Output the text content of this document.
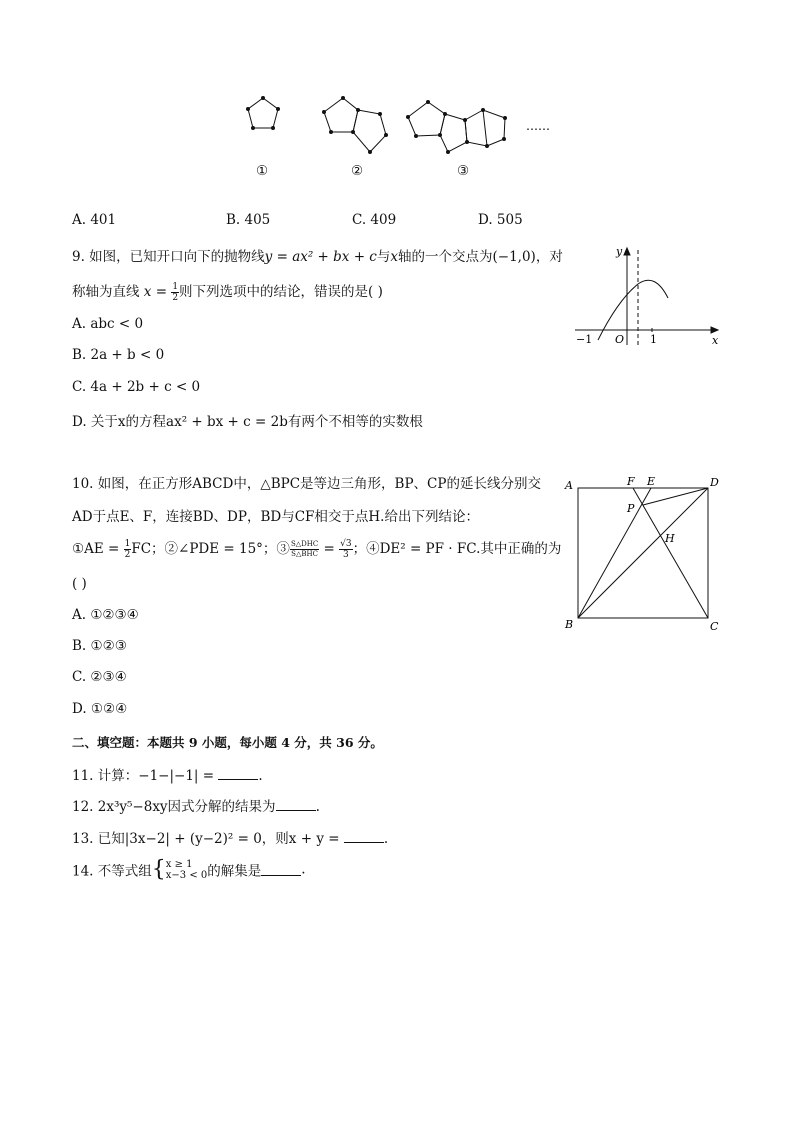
……
①	②	③
A. 401	B. 405	C. 409	D. 505
9. 如图，已知开口向下的抛物线y = ax² + bx + c与x轴的一个交点为(−1,0)，对
称轴为直线 $x = \frac{1}{2}$ 则下列选项中的结论，错误的是( )
A. abc < 0
B. 2a + b < 0
C. 4a + 2b + c < 0
D. 关于x的方程ax² + bx + c = 2b有两个不相等的实数根
y
x
O
−1	1
10. 如图，在正方形ABCD中，△BPC是等边三角形，BP、CP的延长线分别交
AD于点E、F，连接BD、DP，BD与CF相交于点H.给出下列结论：
①AE = $\frac{1}{2}$ FC；②∠PDE = 15°；③ $\frac{\text{S△DHC}}{\text{S△BHC}} = \frac{√3}{3}$ ；④DE² = PF · FC.其中正确的为
( )
A. ①②③④
B. ①②③
C. ②③④
D. ①②④
A
B	C
D
F E
P
H
二、填空题：本题共 9 小题，每小题 4 分，共 36 分。
11. 计算：−1−|−1| =	.
12. 2x³y⁵−8xy因式分解的结果为	.
13. 已知|3x−2| + (y−2)² = 0，则x + y =	.
14. 不等式组{ x ≥ 1
x−3 < 0 的解集是	.
